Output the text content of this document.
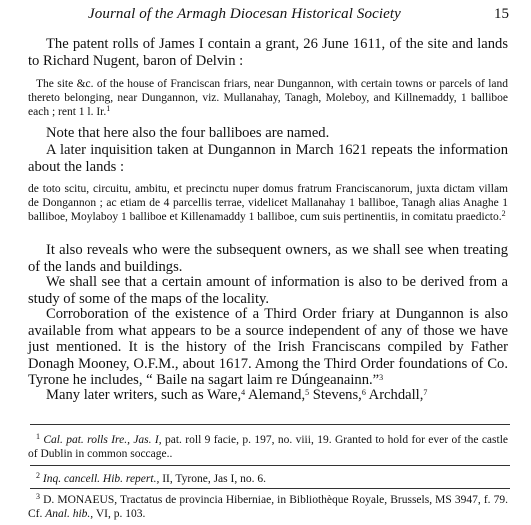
Journal of the Armagh Diocesan Historical Society	15

The patent rolls of James I contain a grant, 26 June 1611, of the site and lands to Richard Nugent, baron of Delvin :

The site &c. of the house of Franciscan friars, near Dungannon, with certain towns or parcels of land thereto belonging, near Dungannon, viz. Mullanahay, Tanagh, Moleboy, and Killnemaddy, 1 balliboe each ; rent 1 l. Ir.$^1$

Note that here also the four balliboes are named.

A later inquisition taken at Dungannon in March 1621 repeats the information about the lands :

de toto scitu, circuitu, ambitu, et precinctu nuper domus fratrum Franciscanorum, juxta dictam villam de Dongannon ; ac etiam de 4 parcellis terrae, videlicet Mallanahay 1 balliboe, Tanagh alias Anaghe 1 balliboe, Moylaboy 1 balliboe et Killenamaddy 1 balliboe, cum suis pertinentiis, in comitatu praedicto.$^2$

It also reveals who were the subsequent owners, as we shall see when treating of the lands and buildings.

We shall see that a certain amount of information is also to be derived from a study of some of the maps of the locality.

Corroboration of the existence of a Third Order friary at Dungannon is also available from what appears to be a source independent of any of those we have just mentioned. It is the history of the Irish Franciscans compiled by Father Donagh Mooney, O.F.M., about 1617. Among the Third Order foundations of Co. Tyrone he includes, “ Baile na sagart laim re Dúngeanainn.”$^3$

Many later writers, such as Ware,$^4$ Alemand,$^5$ Stevens,$^6$ Archdall,$^7$

$^1$ Cal. pat. rolls Ire., Jas. I, pat. roll 9 facie, p. 197, no. viii, 19. Granted to hold for ever of the castle of Dublin in common soccage..

$^2$ Inq. cancell. Hib. repert., II, Tyrone, Jas I, no. 6.

$^3$ D. MONAEUS, Tractatus de provincia Hiberniae, in Bibliothèque Royale, Brussels, MS 3947, f. 79. Cf. Anal. hib., VI, p. 103.
